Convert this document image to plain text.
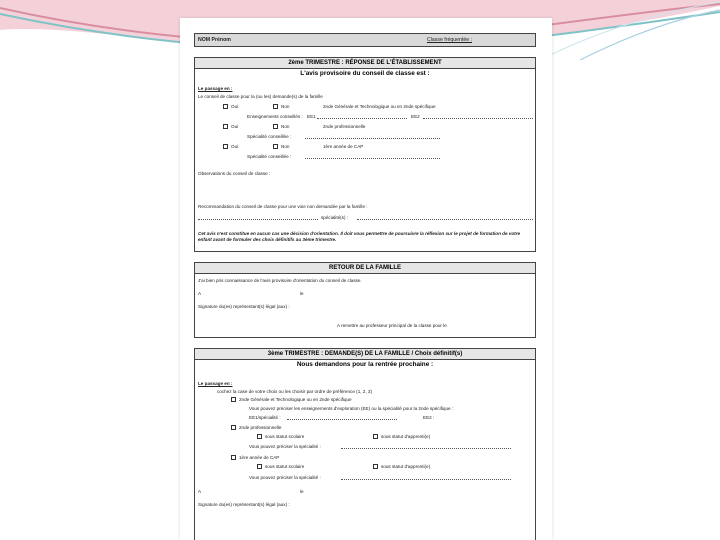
NOM Prénom	Classe fréquentée :
2ème TRIMESTRE : RÉPONSE DE L'ÉTABLISSEMENT
L'avis provisoire du conseil de classe est :
Le passage en :
Le conseil de classe pour la (ou les) demande(s) de la famille
Oui	Non	2nde Générale et Technologique ou en 2nde spécifique
Enseignements conseillés : EE1	EE2
Oui	Non	2nde professionnelle
Spécialité conseillée :
Oui	Non	1ère année de CAP
Spécialité conseillée :
Observations du conseil de classe :
Recommandation du conseil de classe pour une voie non demandée par la famille :
spécialité(s) :
Cet avis n'est constitue en aucun cas une décision d'orientation. Il doit vous permettre de poursuivre la réflexion sur le projet de formation de votre enfant avant de formuler des choix définitifs au 3ème trimestre.
RETOUR DE LA FAMILLE
J'ai bien pris connaissance de l'avis provisoire d'orientation du conseil de classe.
A	le
Signature du(es) représentant(s) légal (aux) :
A remettre au professeur principal de la classe pour le
3ème TRIMESTRE : DEMANDE(S) DE LA FAMILLE / Choix définitif(s)
Nous demandons pour la rentrée prochaine :
Le passage en :
cochez la case de votre choix ou les choisir par ordre de préférence (1, 2, 3)
2nde Générale et Technologique ou en 2nde spécifique
Vous pouvez préciser les enseignements d'exploration (EE) ou la spécialité pour la 2nde spécifique :
EE1/spécialité :	EE2 :
2nde professionnelle
sous statut scolaire	sous statut d'apprenti(e)
Vous pouvez préciser la spécialité :
1ère année de CAP
sous statut scolaire	sous statut d'apprenti(e)
Vous pouvez préciser la spécialité :
A	le
Signature du(es) représentant(s) légal (aux) :
